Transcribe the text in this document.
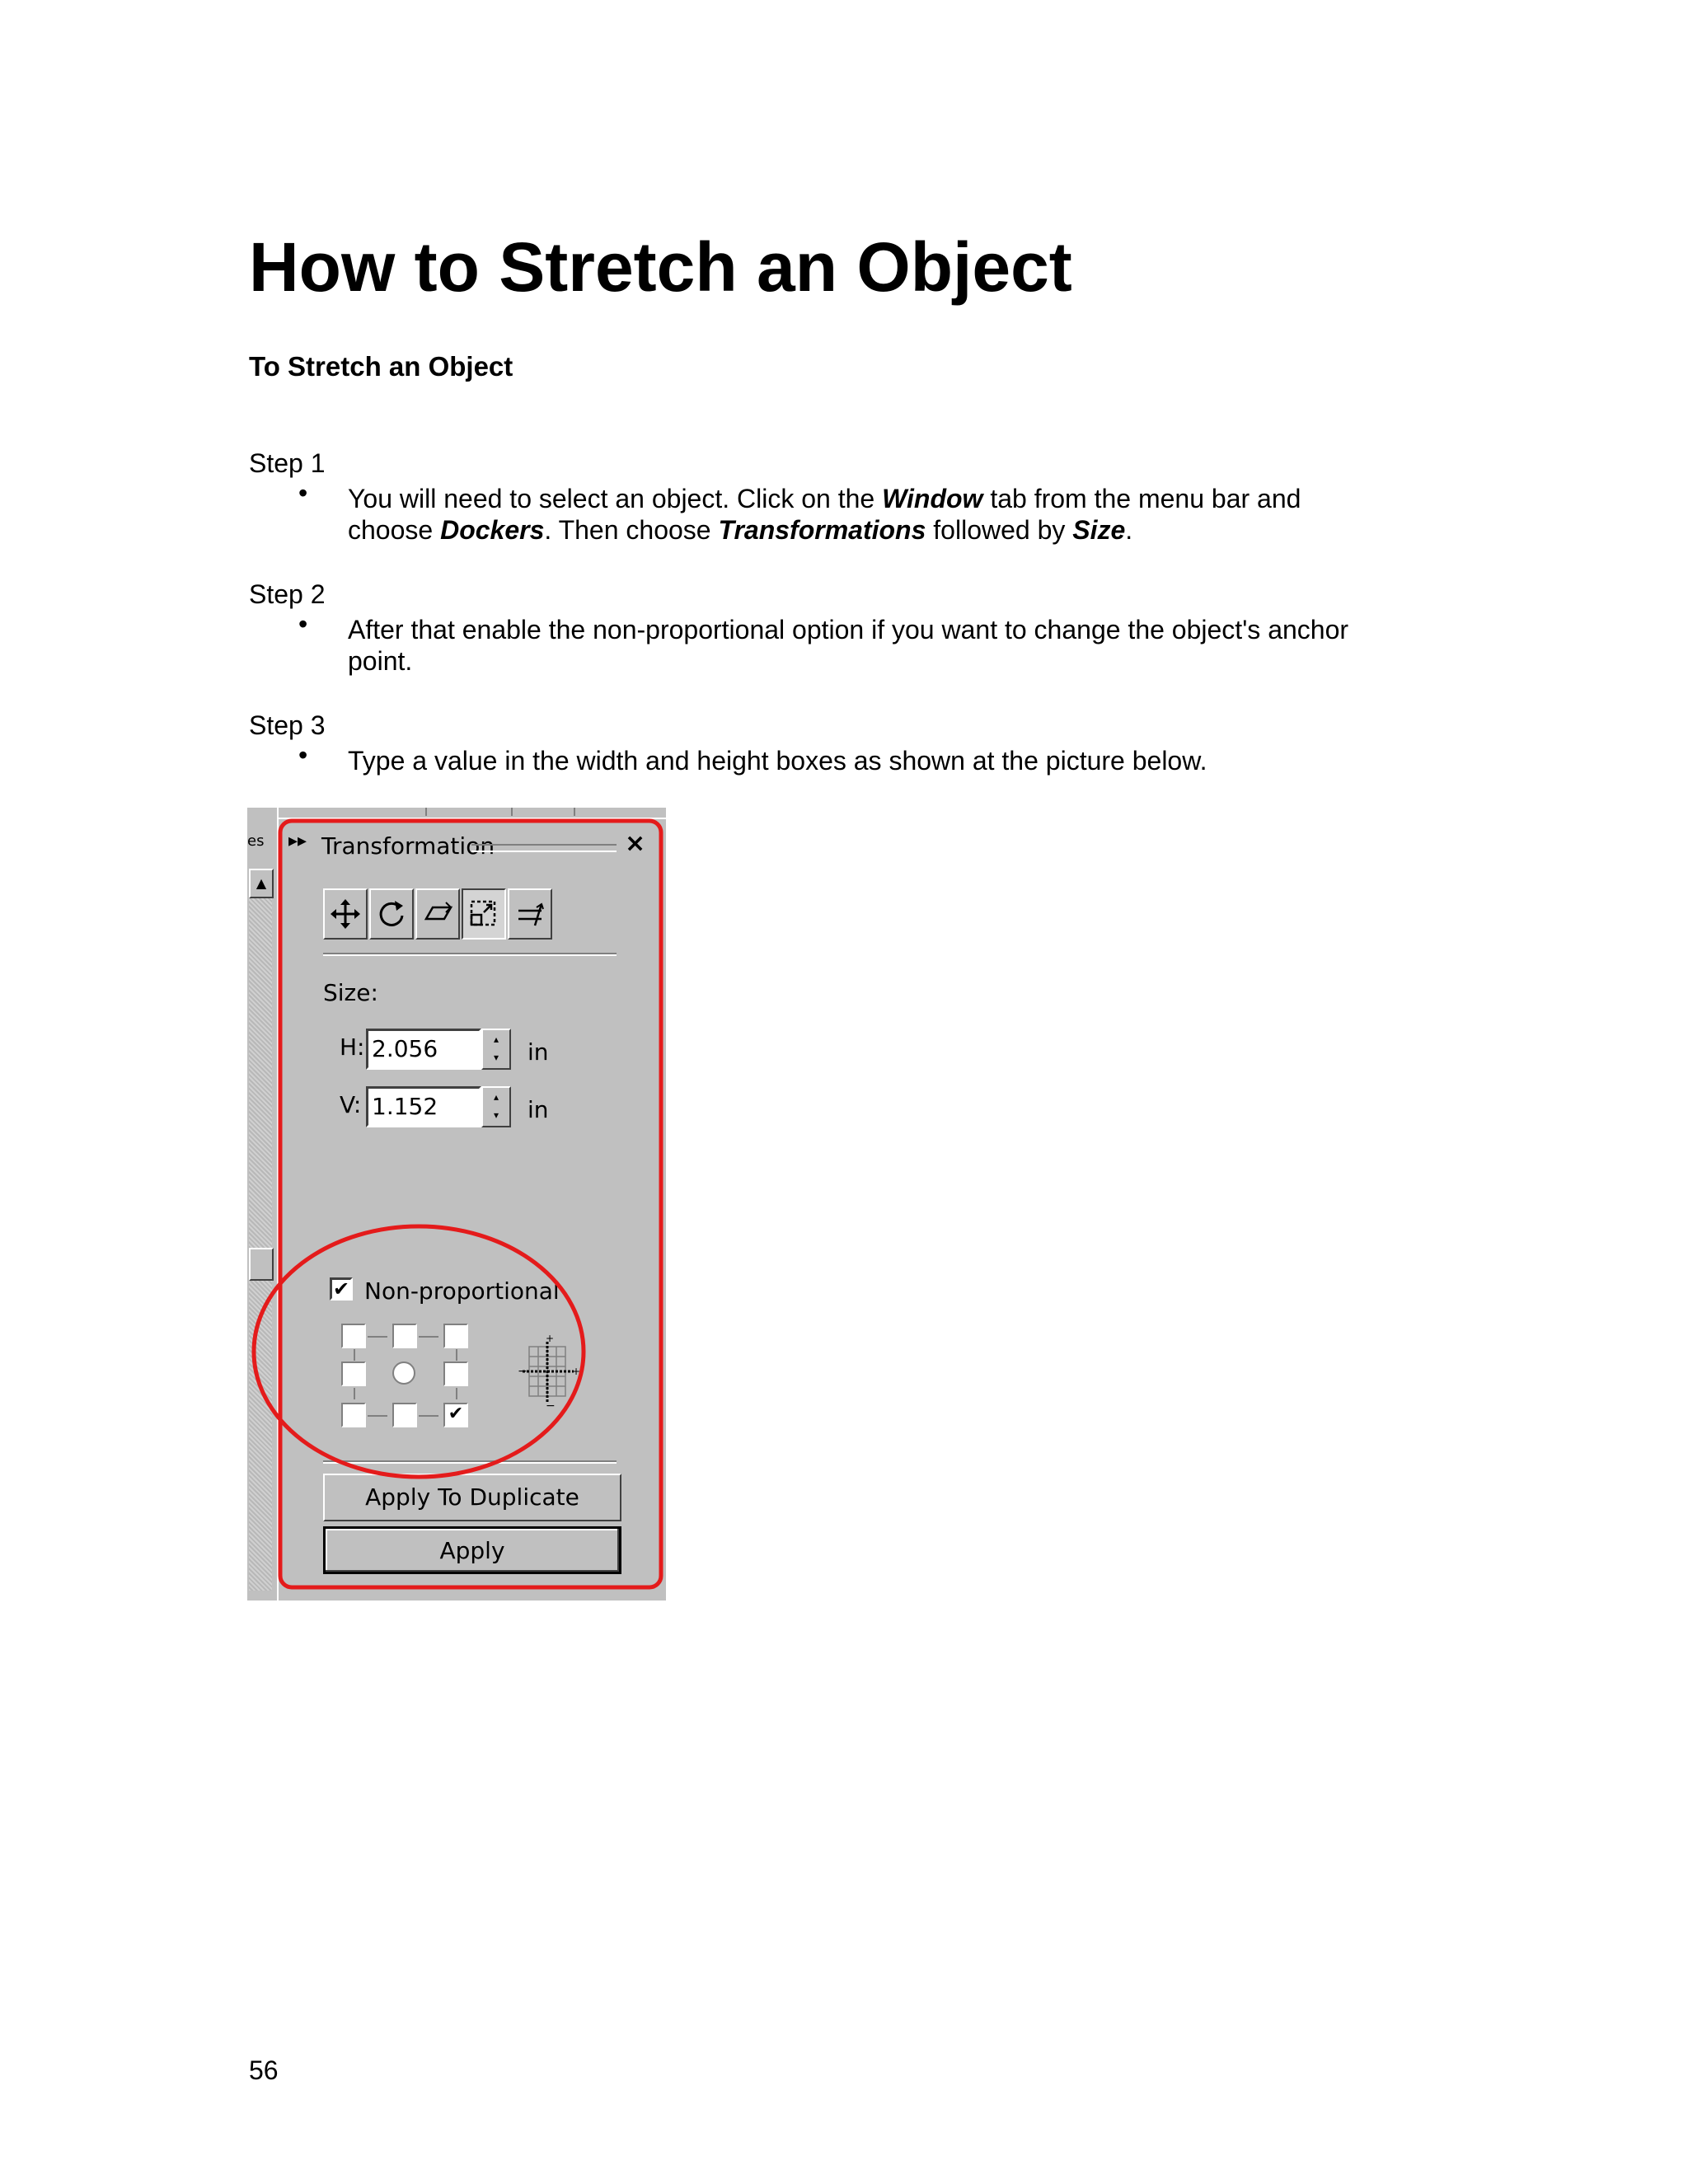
How to Stretch an Object
To Stretch an Object
Step 1
• You will need to select an object. Click on the Window tab from the menu bar and
choose Dockers. Then choose Transformations followed by Size.
Step 2
• After that enable the non-proportional option if you want to change the object's anchor
point.
Step 3
• Type a value in the width and height boxes as shown at the picture below.
es
▲
▸▸ Transformation	×
Size:
H: 2.056	▴
▾	in
V: 1.152	▴
▾	in
✔ Non-proportional
✔
+
−	+
−
Apply To Duplicate
Apply
56
